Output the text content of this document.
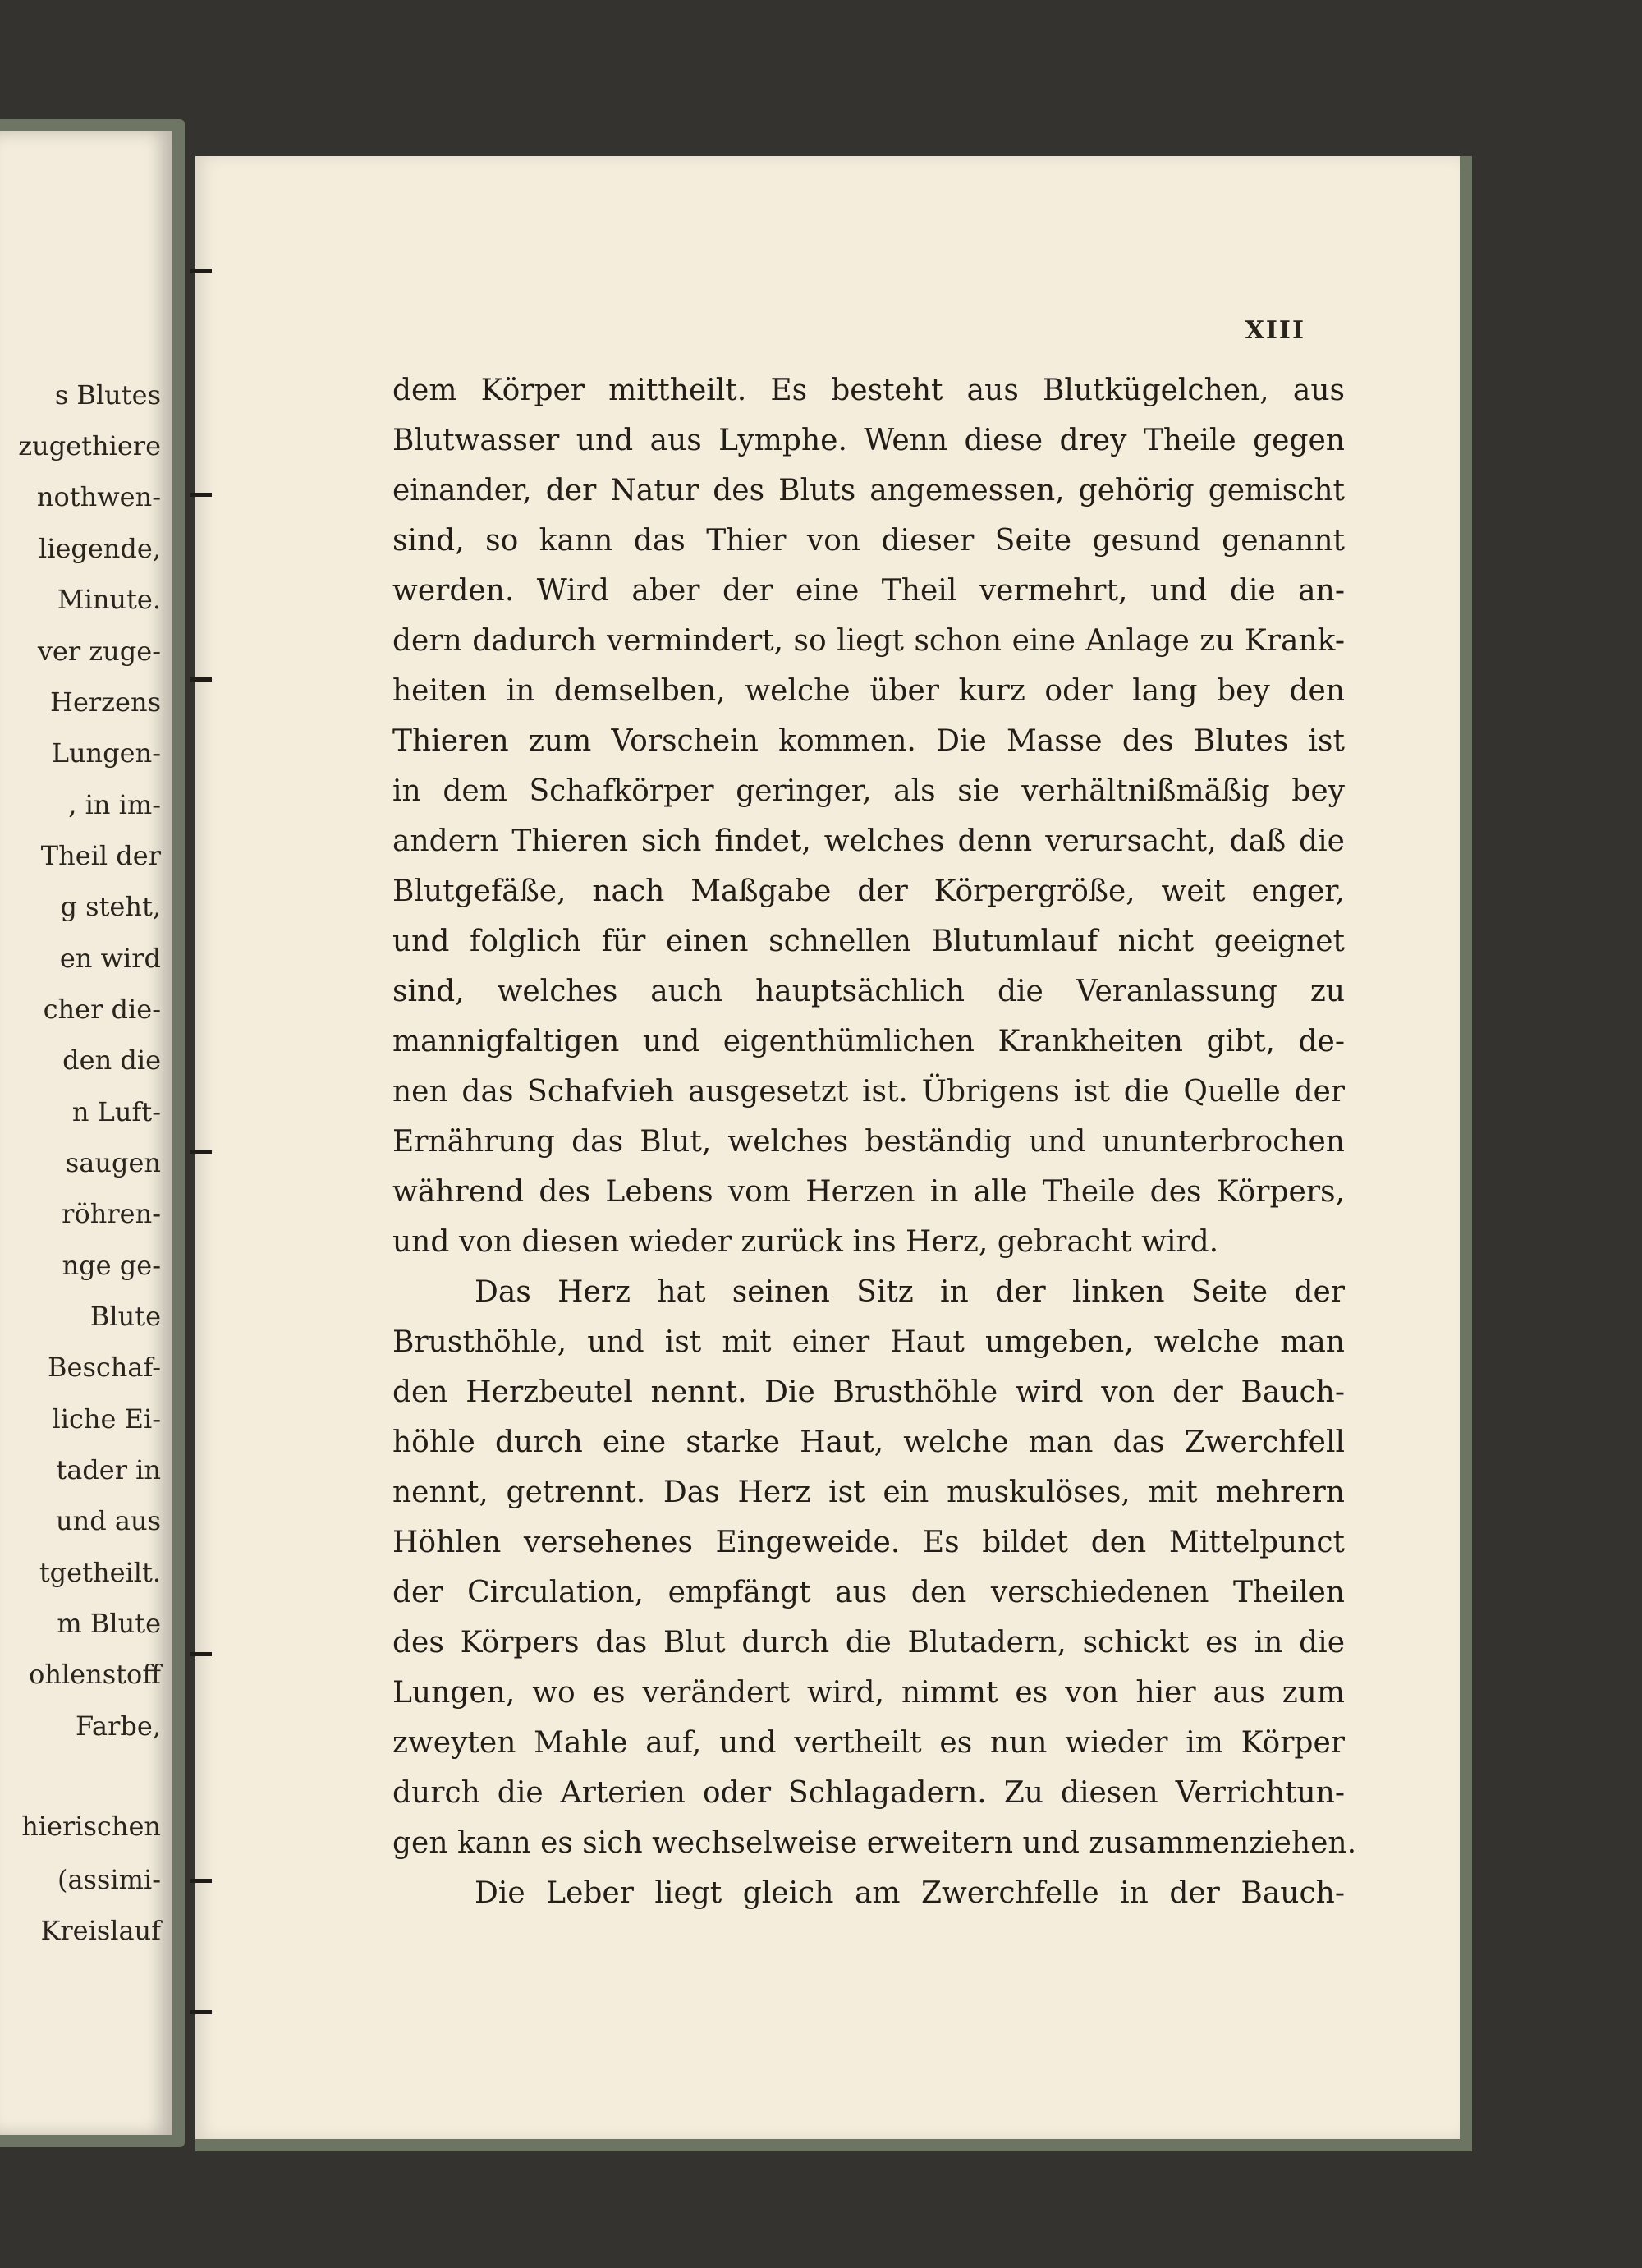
s Blutes

zugethiere

nothwen-

liegende,

Minute.

ver zuge-

Herzens

Lungen-

, in im-

Theil der

g steht,

en wird

cher die-

den die

n Luft-

saugen

röhren-

nge ge-

Blute

Beschaf-

liche Ei-

tader in

und aus

tgetheilt.

m Blute

ohlenstoff

Farbe,

hierischen

(assimi-

Kreislauf

XIII

dem Körper mittheilt. Es besteht aus Blutkügelchen, aus

Blutwasser und aus Lymphe. Wenn diese drey Theile gegen

einander, der Natur des Bluts angemessen, gehörig gemischt

sind, so kann das Thier von dieser Seite gesund genannt

werden. Wird aber der eine Theil vermehrt, und die an-

dern dadurch vermindert, so liegt schon eine Anlage zu Krank-

heiten in demselben, welche über kurz oder lang bey den

Thieren zum Vorschein kommen. Die Masse des Blutes ist

in dem Schafkörper geringer, als sie verhältnißmäßig bey

andern Thieren sich findet, welches denn verursacht, daß die

Blutgefäße, nach Maßgabe der Körpergröße, weit enger,

und folglich für einen schnellen Blutumlauf nicht geeignet

sind, welches auch hauptsächlich die Veranlassung zu

mannigfaltigen und eigenthümlichen Krankheiten gibt, de-

nen das Schafvieh ausgesetzt ist. Übrigens ist die Quelle der

Ernährung das Blut, welches beständig und ununterbrochen

während des Lebens vom Herzen in alle Theile des Körpers,

und von diesen wieder zurück ins Herz, gebracht wird.

Das Herz hat seinen Sitz in der linken Seite der

Brusthöhle, und ist mit einer Haut umgeben, welche man

den Herzbeutel nennt. Die Brusthöhle wird von der Bauch-

höhle durch eine starke Haut, welche man das Zwerchfell

nennt, getrennt. Das Herz ist ein muskulöses, mit mehrern

Höhlen versehenes Eingeweide. Es bildet den Mittelpunct

der Circulation, empfängt aus den verschiedenen Theilen

des Körpers das Blut durch die Blutadern, schickt es in die

Lungen, wo es verändert wird, nimmt es von hier aus zum

zweyten Mahle auf, und vertheilt es nun wieder im Körper

durch die Arterien oder Schlagadern. Zu diesen Verrichtun-

gen kann es sich wechselweise erweitern und zusammenziehen.

Die Leber liegt gleich am Zwerchfelle in der Bauch-
